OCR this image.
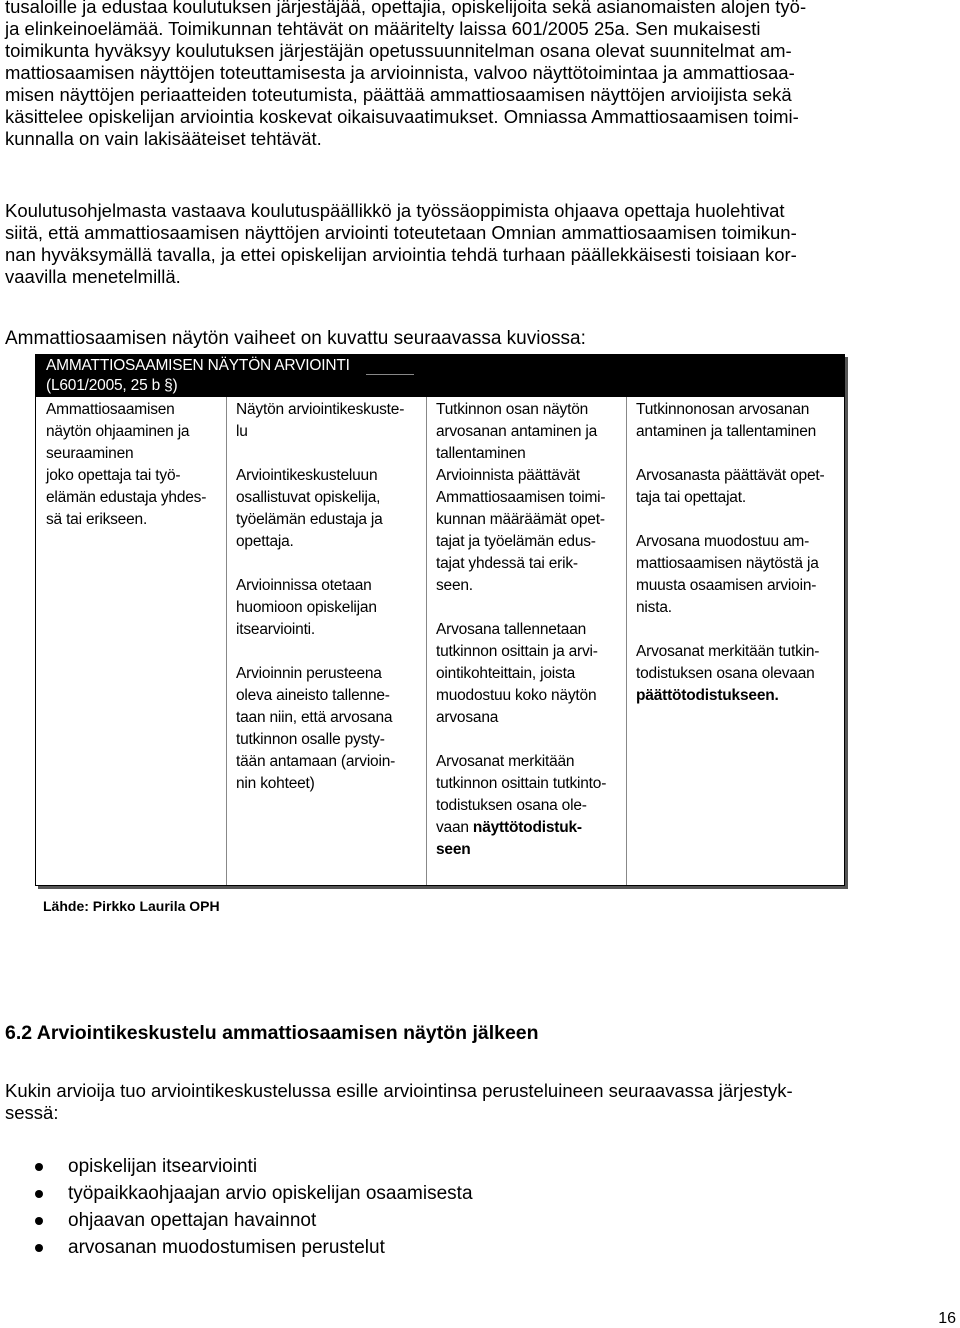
tusaloille ja edustaa koulutuksen järjestäjää, opettajia, opiskelijoita sekä asianomaisten alojen työ-
ja elinkeinoelämää. Toimikunnan tehtävät on määritelty laissa 601/2005 25a. Sen mukaisesti
toimikunta hyväksyy koulutuksen järjestäjän opetussuunnitelman osana olevat suunnitelmat am-
mattiosaamisen näyttöjen toteuttamisesta ja arvioinnista, valvoo näyttötoimintaa ja ammattiosaa-
misen näyttöjen periaatteiden toteutumista, päättää ammattiosaamisen näyttöjen arvioijista sekä
käsittelee opiskelijan arviointia koskevat oikaisuvaatimukset. Omniassa Ammattiosaamisen toimi-
kunnalla on vain lakisääteiset tehtävät.
Koulutusohjelmasta vastaava koulutuspäällikkö ja työssäoppimista ohjaava opettaja huolehtivat
siitä, että ammattiosaamisen näyttöjen arviointi toteutetaan Omnian ammattiosaamisen toimikun-
nan hyväksymällä tavalla, ja ettei opiskelijan arviointia tehdä turhaan päällekkäisesti toisiaan kor-
vaavilla menetelmillä.
Ammattiosaamisen näytön vaiheet on kuvattu seuraavassa kuviossa:
AMMATTIOSAAMISEN NÄYTÖN ARVIOINTI
(L601/2005, 25 b §)
Ammattiosaamisen
näytön ohjaaminen ja
seuraaminen
joko opettaja tai työ-
elämän edustaja yhdes-
sä tai erikseen.
Näytön arviointikeskuste-
lu
Arviointikeskusteluun
osallistuvat opiskelija,
työelämän edustaja ja
opettaja.
Arvioinnissa otetaan
huomioon opiskelijan
itsearviointi.
Arvioinnin perusteena
oleva aineisto tallenne-
taan niin, että arvosana
tutkinnon osalle pysty-
tään antamaan (arvioin-
nin kohteet)
Tutkinnon osan näytön
arvosanan antaminen ja
tallentaminen
Arvioinnista päättävät
Ammattiosaamisen toimi-
kunnan määräämät opet-
tajat ja työelämän edus-
tajat yhdessä tai erik-
seen.
Arvosana tallennetaan
tutkinnon osittain ja arvi-
ointikohteittain, joista
muodostuu koko näytön
arvosana
Arvosanat merkitään
tutkinnon osittain tutkinto-
todistuksen osana ole-
vaan näyttötodistuk-
seen
Tutkinnonosan arvosanan
antaminen ja tallentaminen
Arvosanasta päättävät opet-
taja tai opettajat.
Arvosana muodostuu am-
mattiosaamisen näytöstä ja
muusta osaamisen arvioin-
nista.
Arvosanat merkitään tutkin-
todistuksen osana olevaan
päättötodistukseen.
Lähde: Pirkko Laurila OPH
6.2 Arviointikeskustelu ammattiosaamisen näytön jälkeen
Kukin arvioija tuo arviointikeskustelussa esille arviointinsa perusteluineen seuraavassa järjestyk-
sessä:
opiskelijan itsearviointi
työpaikkaohjaajan arvio opiskelijan osaamisesta
ohjaavan opettajan havainnot
arvosanan muodostumisen perustelut
16
